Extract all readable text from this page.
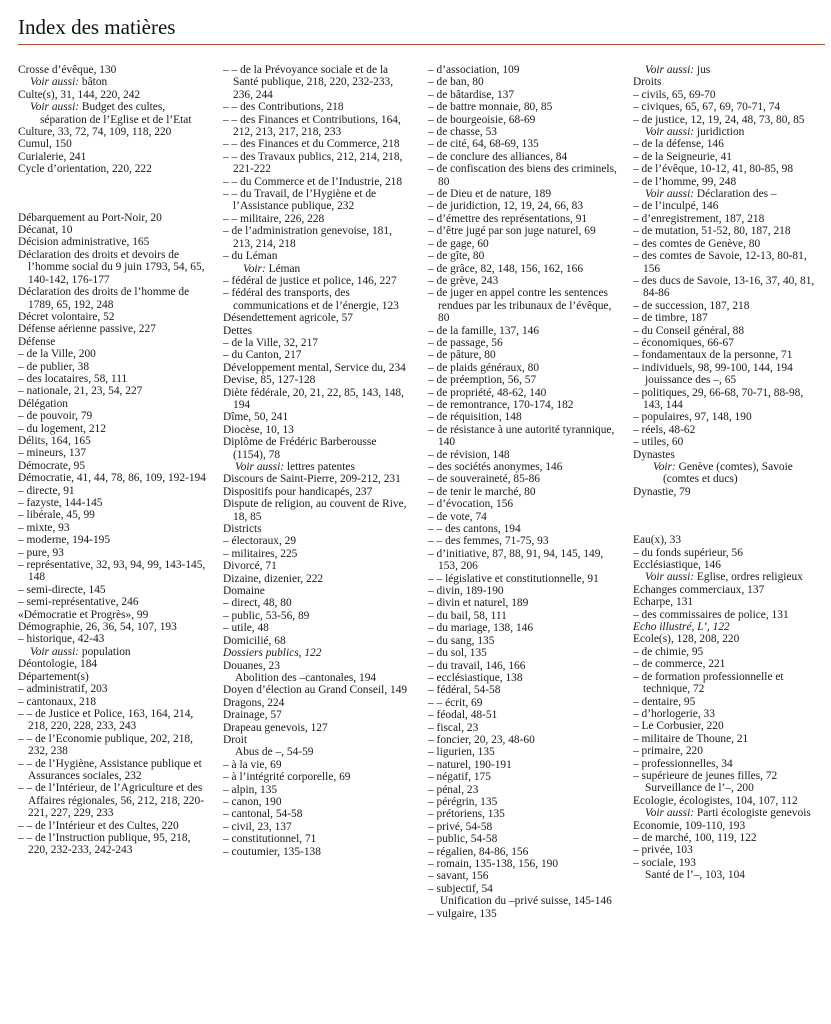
Index des matières
Crosse d’évêque, 130
Voir aussi: bâton
Culte(s), 31, 144, 220, 242
Voir aussi: Budget des cultes, séparation de l’Eglise et de l’Etat
Culture, 33, 72, 74, 109, 118, 220
Cumul, 150
Curialerie, 241
Cycle d’orientation, 220, 222
Débarquement au Port-Noir, 20
Décanat, 10
Décision administrative, 165
Déclaration des droits et devoirs de l’homme social du 9 juin 1793, 54, 65, 140-142, 176-177
Déclaration des droits de l’homme de 1789, 65, 192, 248
Décret volontaire, 52
Défense aérienne passive, 227
Défense
– de la Ville, 200
– de publier, 38
– des locataires, 58, 111
– nationale, 21, 23, 54, 227
Délégation
– de pouvoir, 79
– du logement, 212
Délits, 164, 165
– mineurs, 137
Démocrate, 95
Démocratie, 41, 44, 78, 86, 109, 192-194
– directe, 91
– fazyste, 144-145
– libérale, 45, 99
– mixte, 93
– moderne, 194-195
– pure, 93
– représentative, 32, 93, 94, 99, 143-145, 148
– semi-directe, 145
– semi-représentative, 246
«Démocratie et Progrès», 99
Démographie, 26, 36, 54, 107, 193
– historique, 42-43
Voir aussi: population
Déontologie, 184
Département(s)
– administratif, 203
– cantonaux, 218
– – de Justice et Police, 163, 164, 214, 218, 220, 228, 233, 243
– – de l’Economie publique, 202, 218, 232, 238
– – de l’Hygiène, Assistance publique et Assurances sociales, 232
– – de l’Intérieur, de l’Agriculture et des Affaires régionales, 56, 212, 218, 220-221, 227, 229, 233
– – de l’Intérieur et des Cultes, 220
– – de l’Instruction publique, 95, 218, 220, 232-233, 242-243
– – de la Prévoyance sociale et de la Santé publique, 218, 220, 232-233, 236, 244
– – des Contributions, 218
– – des Finances et Contributions, 164, 212, 213, 217, 218, 233
– – des Finances et du Commerce, 218
– – des Travaux publics, 212, 214, 218, 221-222
– – du Commerce et de l’Industrie, 218
– – du Travail, de l’Hygiène et de l’Assistance publique, 232
– – militaire, 226, 228
– de l’administration genevoise, 181, 213, 214, 218
– du Léman
Voir: Léman
– fédéral de justice et police, 146, 227
– fédéral des transports, des communications et de l’énergie, 123
Désendettement agricole, 57
Dettes
– de la Ville, 32, 217
– du Canton, 217
Développement mental, Service du, 234
Devise, 85, 127-128
Diète fédérale, 20, 21, 22, 85, 143, 148, 194
Dîme, 50, 241
Diocèse, 10, 13
Diplôme de Frédéric Barberousse (1154), 78
Voir aussi: lettres patentes
Discours de Saint-Pierre, 209-212, 231
Dispositifs pour handicapés, 237
Dispute de religion, au couvent de Rive, 18, 85
Districts
– électoraux, 29
– militaires, 225
Divorcé, 71
Dizaine, dizenier, 222
Domaine
– direct, 48, 80
– public, 53-56, 89
– utile, 48
Domicilié, 68
Dossiers publics, 122
Douanes, 23
Abolition des –cantonales, 194
Doyen d’élection au Grand Conseil, 149
Dragons, 224
Drainage, 57
Drapeau genevois, 127
Droit
Abus de –, 54-59
– à la vie, 69
– à l’intégrité corporelle, 69
– alpin, 135
– canon, 190
– cantonal, 54-58
– civil, 23, 137
– constitutionnel, 71
– coutumier, 135-138
– d’association, 109
– de ban, 80
– de bâtardise, 137
– de battre monnaie, 80, 85
– de bourgeoisie, 68-69
– de chasse, 53
– de cité, 64, 68-69, 135
– de conclure des alliances, 84
– de confiscation des biens des criminels, 80
– de Dieu et de nature, 189
– de juridiction, 12, 19, 24, 66, 83
– d’émettre des représentations, 91
– d’être jugé par son juge naturel, 69
– de gage, 60
– de gîte, 80
– de grâce, 82, 148, 156, 162, 166
– de grève, 243
– de juger en appel contre les sentences rendues par les tribunaux de l’évêque, 80
– de la famille, 137, 146
– de passage, 56
– de pâture, 80
– de plaids généraux, 80
– de préemption, 56, 57
– de propriété, 48-62, 140
– de remontrance, 170-174, 182
– de réquisition, 148
– de résistance à une autorité tyrannique, 140
– de révision, 148
– des sociétés anonymes, 146
– de souveraineté, 85-86
– de tenir le marché, 80
– d’évocation, 156
– de vote, 74
– – des cantons, 194
– – des femmes, 71-75, 93
– d’initiative, 87, 88, 91, 94, 145, 149, 153, 206
– – législative et constitutionnelle, 91
– divin, 189-190
– divin et naturel, 189
– du bail, 58, 111
– du mariage, 138, 146
– du sang, 135
– du sol, 135
– du travail, 146, 166
– ecclésiastique, 138
– fédéral, 54-58
– – écrit, 69
– féodal, 48-51
– fiscal, 23
– foncier, 20, 23, 48-60
– ligurien, 135
– naturel, 190-191
– négatif, 175
– pénal, 23
– pérégrin, 135
– prétoriens, 135
– privé, 54-58
– public, 54-58
– régalien, 84-86, 156
– romain, 135-138, 156, 190
– savant, 156
– subjectif, 54
Unification du –privé suisse, 145-146
– vulgaire, 135
Voir aussi: jus
Droits
– civils, 65, 69-70
– civiques, 65, 67, 69, 70-71, 74
– de justice, 12, 19, 24, 48, 73, 80, 85
Voir aussi: juridiction
– de la défense, 146
– de la Seigneurie, 41
– de l’évêque, 10-12, 41, 80-85, 98
– de l’homme, 99, 248
Voir aussi: Déclaration des –
– de l’inculpé, 146
– d’enregistrement, 187, 218
– de mutation, 51-52, 80, 187, 218
– des comtes de Genève, 80
– des comtes de Savoie, 12-13, 80-81, 156
– des ducs de Savoie, 13-16, 37, 40, 81, 84-86
– de succession, 187, 218
– de timbre, 187
– du Conseil général, 88
– économiques, 66-67
– fondamentaux de la personne, 71
– individuels, 98, 99-100, 144, 194
jouissance des –, 65
– politiques, 29, 66-68, 70-71, 88-98, 143, 144
– populaires, 97, 148, 190
– réels, 48-62
– utiles, 60
Dynastes
Voir: Genève (comtes), Savoie (comtes et ducs)
Dynastie, 79
Eau(x), 33
– du fonds supérieur, 56
Ecclésiastique, 146
Voir aussi: Eglise, ordres religieux
Echanges commerciaux, 137
Echarpe, 131
– des commissaires de police, 131
Echo illustré, L’, 122
Ecole(s), 128, 208, 220
– de chimie, 95
– de commerce, 221
– de formation professionnelle et technique, 72
– dentaire, 95
– d’horlogerie, 33
– Le Corbusier, 220
– militaire de Thoune, 21
– primaire, 220
– professionnelles, 34
– supérieure de jeunes filles, 72
Surveillance de l’–, 200
Ecologie, écologistes, 104, 107, 112
Voir aussi: Parti écologiste genevois
Economie, 109-110, 193
– de marché, 100, 119, 122
– privée, 103
– sociale, 193
Santé de l’–, 103, 104
